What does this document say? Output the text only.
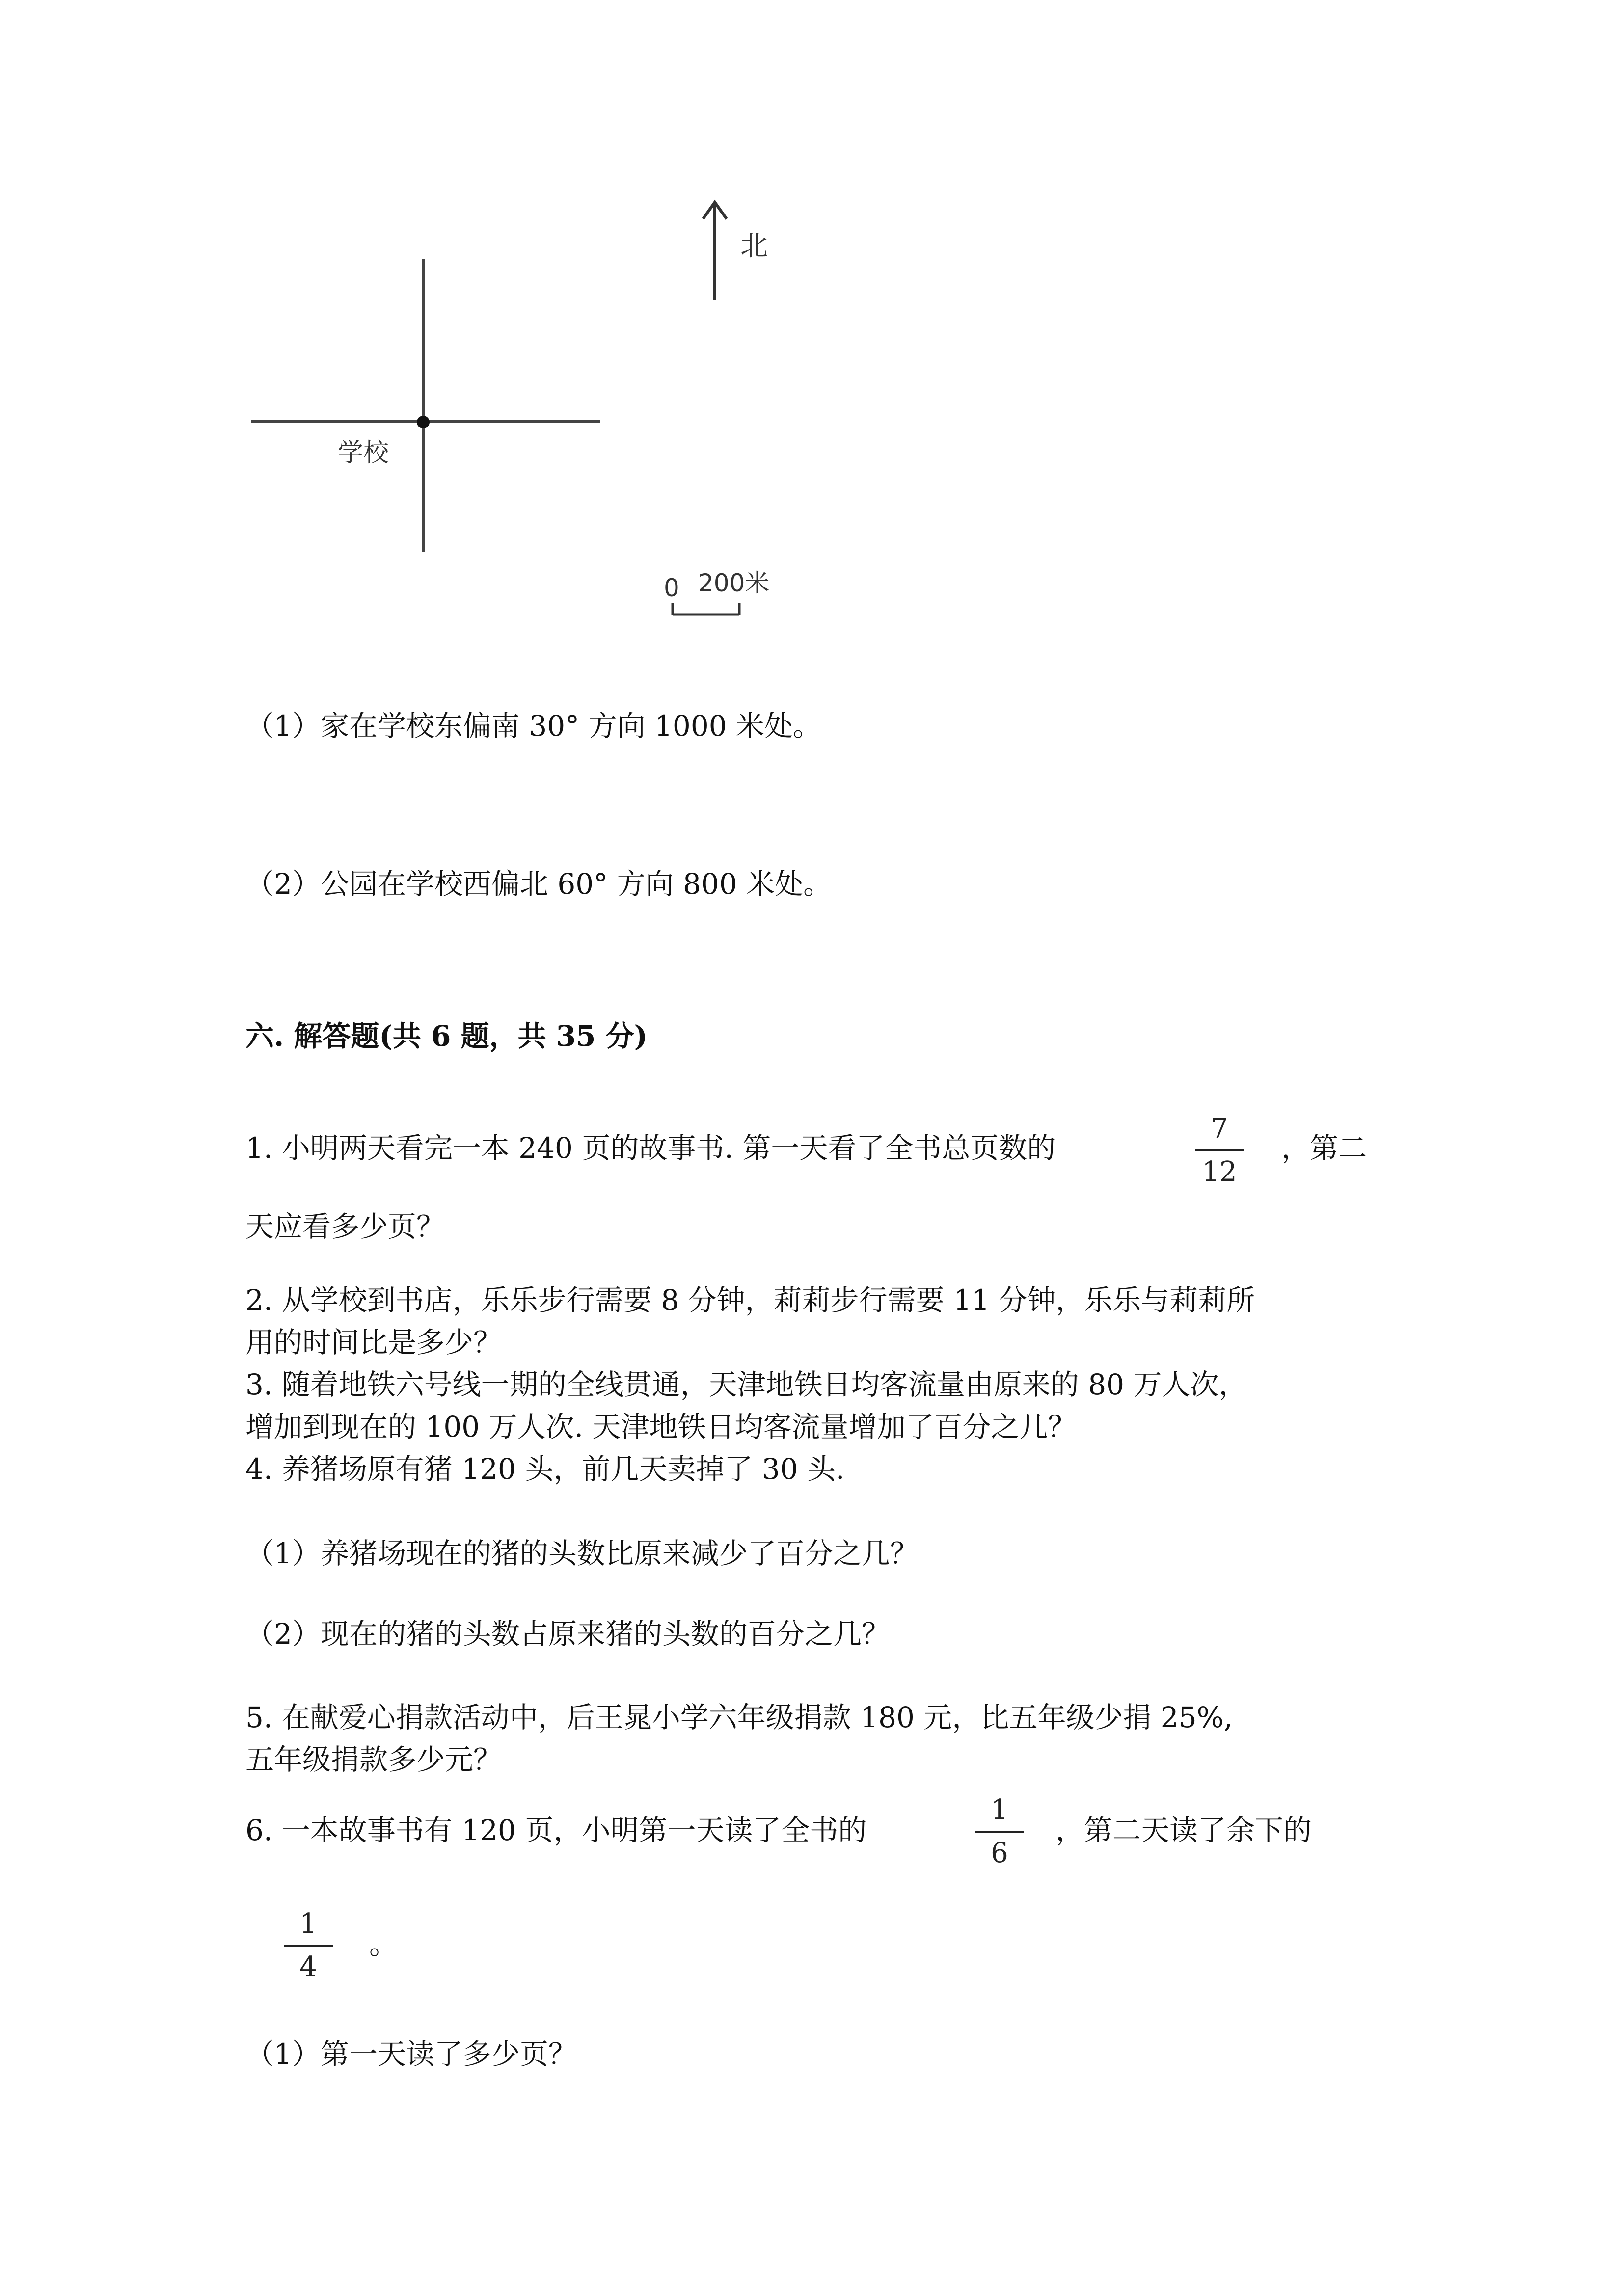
北
学校
0 200米
（1）家在学校东偏南 30° 方向 1000 米处。
（2）公园在学校西偏北 60° 方向 800 米处。
六. 解答题(共 6 题，共 35 分)
1. 小明两天看完一本 240 页的故事书. 第一天看了全书总页数的
7
12
，第二
天应看多少页？
2. 从学校到书店，乐乐步行需要 8 分钟，莉莉步行需要 11 分钟，乐乐与莉莉所
用的时间比是多少？
3. 随着地铁六号线一期的全线贯通，天津地铁日均客流量由原来的 80 万人次，
增加到现在的 100 万人次. 天津地铁日均客流量增加了百分之几？
4. 养猪场原有猪 120 头，前几天卖掉了 30 头.
（1）养猪场现在的猪的头数比原来减少了百分之几？
（2）现在的猪的头数占原来猪的头数的百分之几？
5. 在献爱心捐款活动中，后王晁小学六年级捐款 180 元，比五年级少捐 25%,
五年级捐款多少元？
6. 一本故事书有 120 页，小明第一天读了全书的
1
6
，第二天读了余下的
1
4
。
（1）第一天读了多少页？
